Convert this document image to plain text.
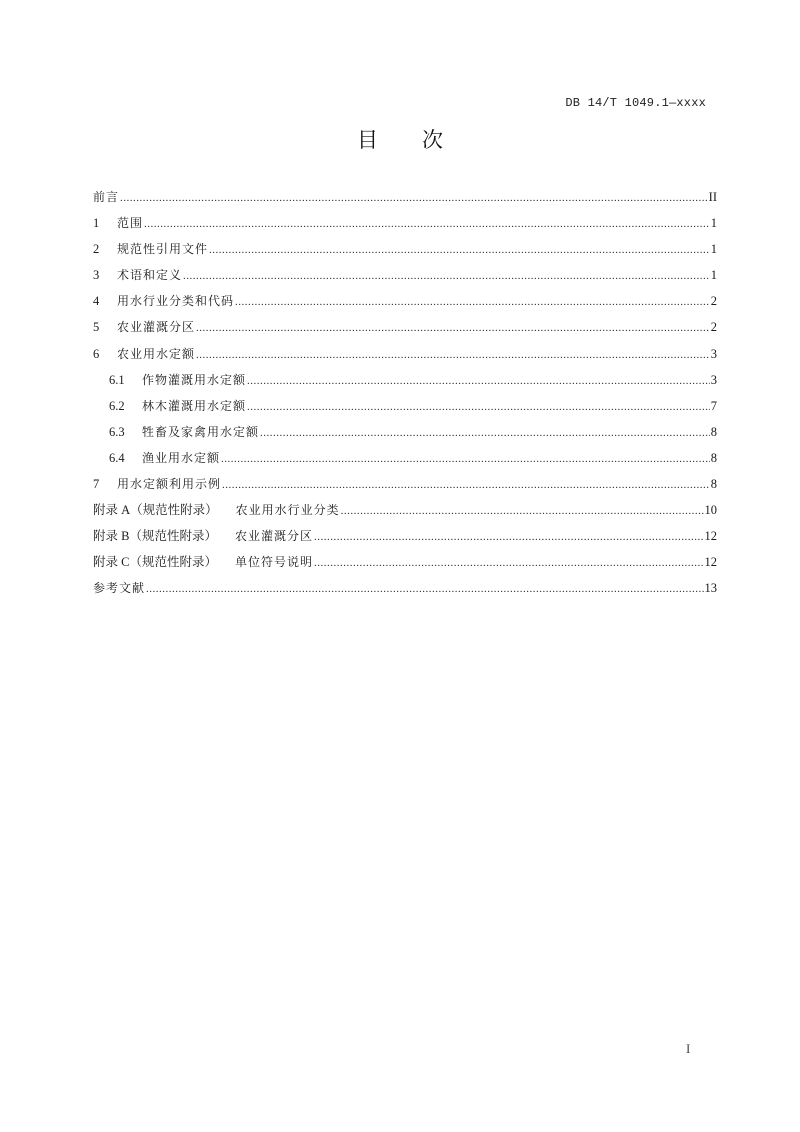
DB 14/T 1049.1—xxxx
目 次
前言 .....	II
1	范围 .....	1
2	规范性引用文件 .....	1
3	术语和定义 .....	1
4	用水行业分类和代码 .....	2
5	农业灌溉分区 .....	2
6	农业用水定额 .....	3
6.1	作物灌溉用水定额 .....	3
6.2	林木灌溉用水定额 .....	7
6.3	牲畜及家禽用水定额 .....	8
6.4	渔业用水定额 .....	8
7	用水定额利用示例 .....	8
附录 A（规范性附录） 农业用水行业分类 .....	10
附录 B（规范性附录） 农业灌溉分区 .....	12
附录 C（规范性附录） 单位符号说明 .....	12
参考文献 .....	13
I
